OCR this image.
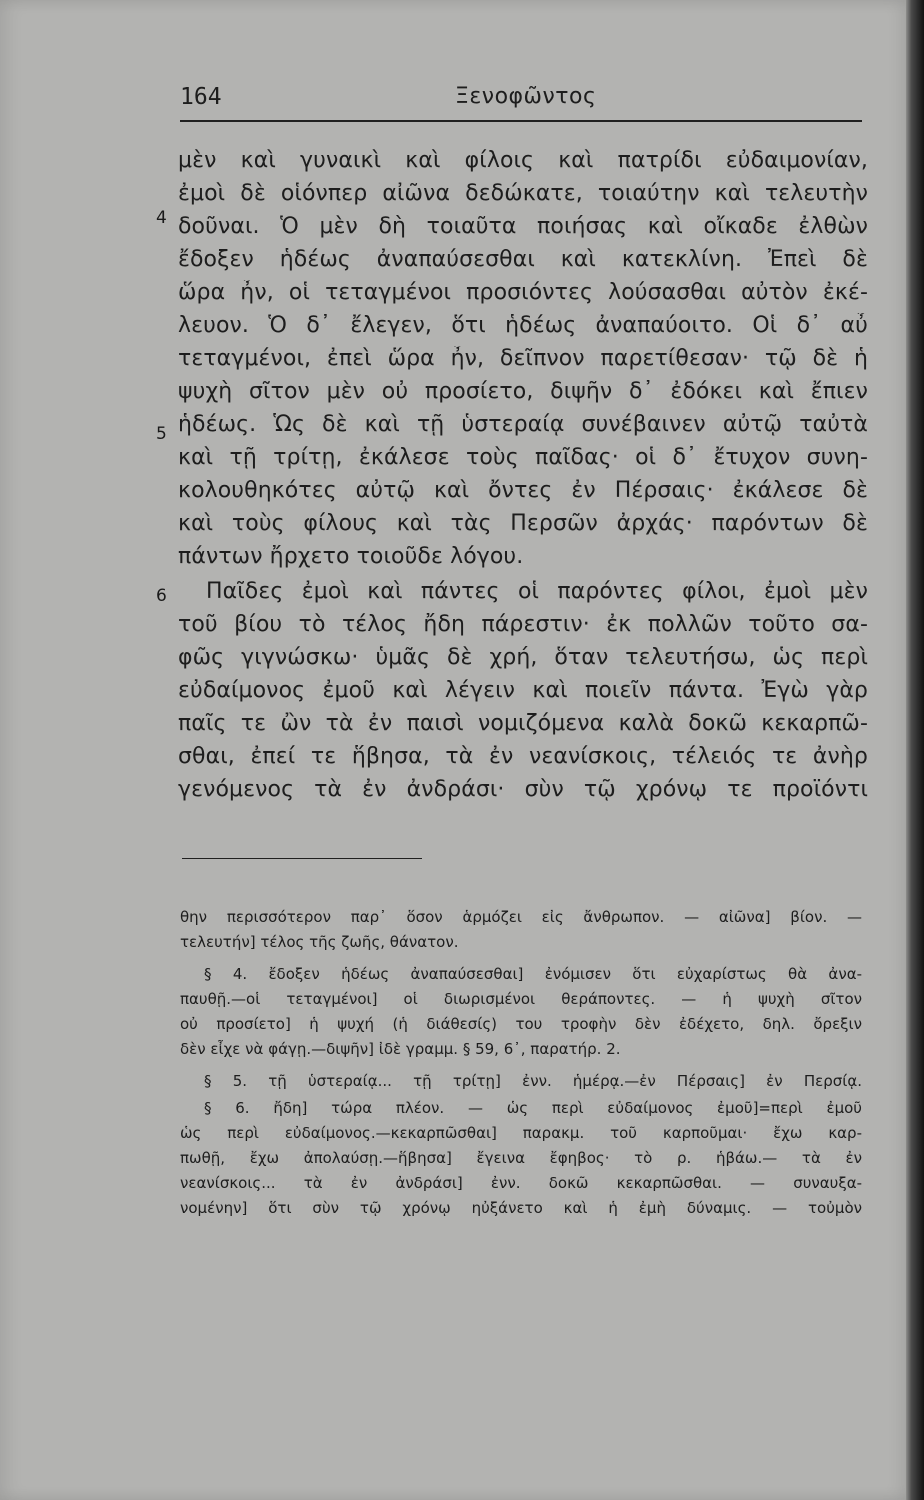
164	Ξενοφῶντος
4
5
6
μὲν καὶ γυναικὶ καὶ φίλοις καὶ πατρίδι εὐδαιμονίαν,
ἐμοὶ δὲ οἱόνπερ αἰῶνα δεδώκατε, τοιαύτην καὶ τελευτὴν
δοῦναι. Ὁ μὲν δὴ τοιαῦτα ποιήσας καὶ οἴκαδε ἐλθὼν
ἔδοξεν ἡδέως ἀναπαύσεσθαι καὶ κατεκλίνη. Ἐπεὶ δὲ
ὥρα ἦν, οἱ τεταγμένοι προσιόντες λούσασθαι αὐτὸν ἐκέ-
λευον. Ὁ δ᾽ ἔλεγεν, ὅτι ἡδέως ἀναπαύοιτο. Οἱ δ᾽ αὖ
τεταγμένοι, ἐπεὶ ὥρα ἦν, δεῖπνον παρετίθεσαν· τῷ δὲ ἡ
ψυχὴ σῖτον μὲν οὐ προσίετο, διψῆν δ᾽ ἐδόκει καὶ ἔπιεν
ἡδέως. Ὡς δὲ καὶ τῇ ὑστεραίᾳ συνέβαινεν αὐτῷ ταὐτὰ
καὶ τῇ τρίτῃ, ἐκάλεσε τοὺς παῖδας· οἱ δ᾽ ἔτυχον συνη-
κολουθηκότες αὐτῷ καὶ ὄντες ἐν Πέρσαις· ἐκάλεσε δὲ
καὶ τοὺς φίλους καὶ τὰς Περσῶν ἀρχάς· παρόντων δὲ
πάντων ἤρχετο τοιοῦδε λόγου.
Παῖδες ἐμοὶ καὶ πάντες οἱ παρόντες φίλοι, ἐμοὶ μὲν
τοῦ βίου τὸ τέλος ἤδη πάρεστιν· ἐκ πολλῶν τοῦτο σα-
φῶς γιγνώσκω· ὑμᾶς δὲ χρή, ὅταν τελευτήσω, ὡς περὶ
εὐδαίμονος ἐμοῦ καὶ λέγειν καὶ ποιεῖν πάντα. Ἐγὼ γὰρ
παῖς τε ὢν τὰ ἐν παισὶ νομιζόμενα καλὰ δοκῶ κεκαρπῶ-
σθαι, ἐπεί τε ἥβησα, τὰ ἐν νεανίσκοις, τέλειός τε ἀνὴρ
γενόμενος τὰ ἐν ἀνδράσι· σὺν τῷ χρόνῳ τε προϊόντι
θην περισσότερον παρ᾽ ὅσον ἁρμόζει εἰς ἄνθρωπον. — αἰῶνα] βίον. —
τελευτήν] τέλος τῆς ζωῆς, θάνατον.
§ 4. ἔδοξεν ἡδέως ἀναπαύσεσθαι] ἐνόμισεν ὅτι εὐχαρίστως θὰ ἀνα-
παυθῇ.—οἱ τεταγμένοι] οἱ διωρισμένοι θεράποντες. — ἡ ψυχὴ σῖτον
οὐ προσίετο] ἡ ψυχή (ἡ διάθεσίς) του τροφὴν δὲν ἐδέχετο, δηλ. ὄρεξιν
δὲν εἶχε νὰ φάγῃ.—διψῆν] ἰδὲ γραμμ. § 59, 6᾽, παρατήρ. 2.
§ 5. τῇ ὑστεραίᾳ... τῇ τρίτῃ] ἐνν. ἡμέρᾳ.—ἐν Πέρσαις] ἐν Περσίᾳ.
§ 6. ἤδη] τώρα πλέον. — ὡς περὶ εὐδαίμονος ἐμοῦ]=περὶ ἐμοῦ
ὡς περὶ εὐδαίμονος.—κεκαρπῶσθαι] παρακμ. τοῦ καρποῦμαι· ἔχω καρ-
πωθῇ, ἔχω ἀπολαύσῃ.—ἥβησα] ἔγεινα ἔφηβος· τὸ ρ. ἡβάω.— τὰ ἐν
νεανίσκοις... τὰ ἐν ἀνδράσι] ἐνν. δοκῶ κεκαρπῶσθαι. — συναυξα-
νομένην] ὅτι σὺν τῷ χρόνῳ ηὐξάνετο καὶ ἡ ἐμὴ δύναμις. — τοὐμὸν
